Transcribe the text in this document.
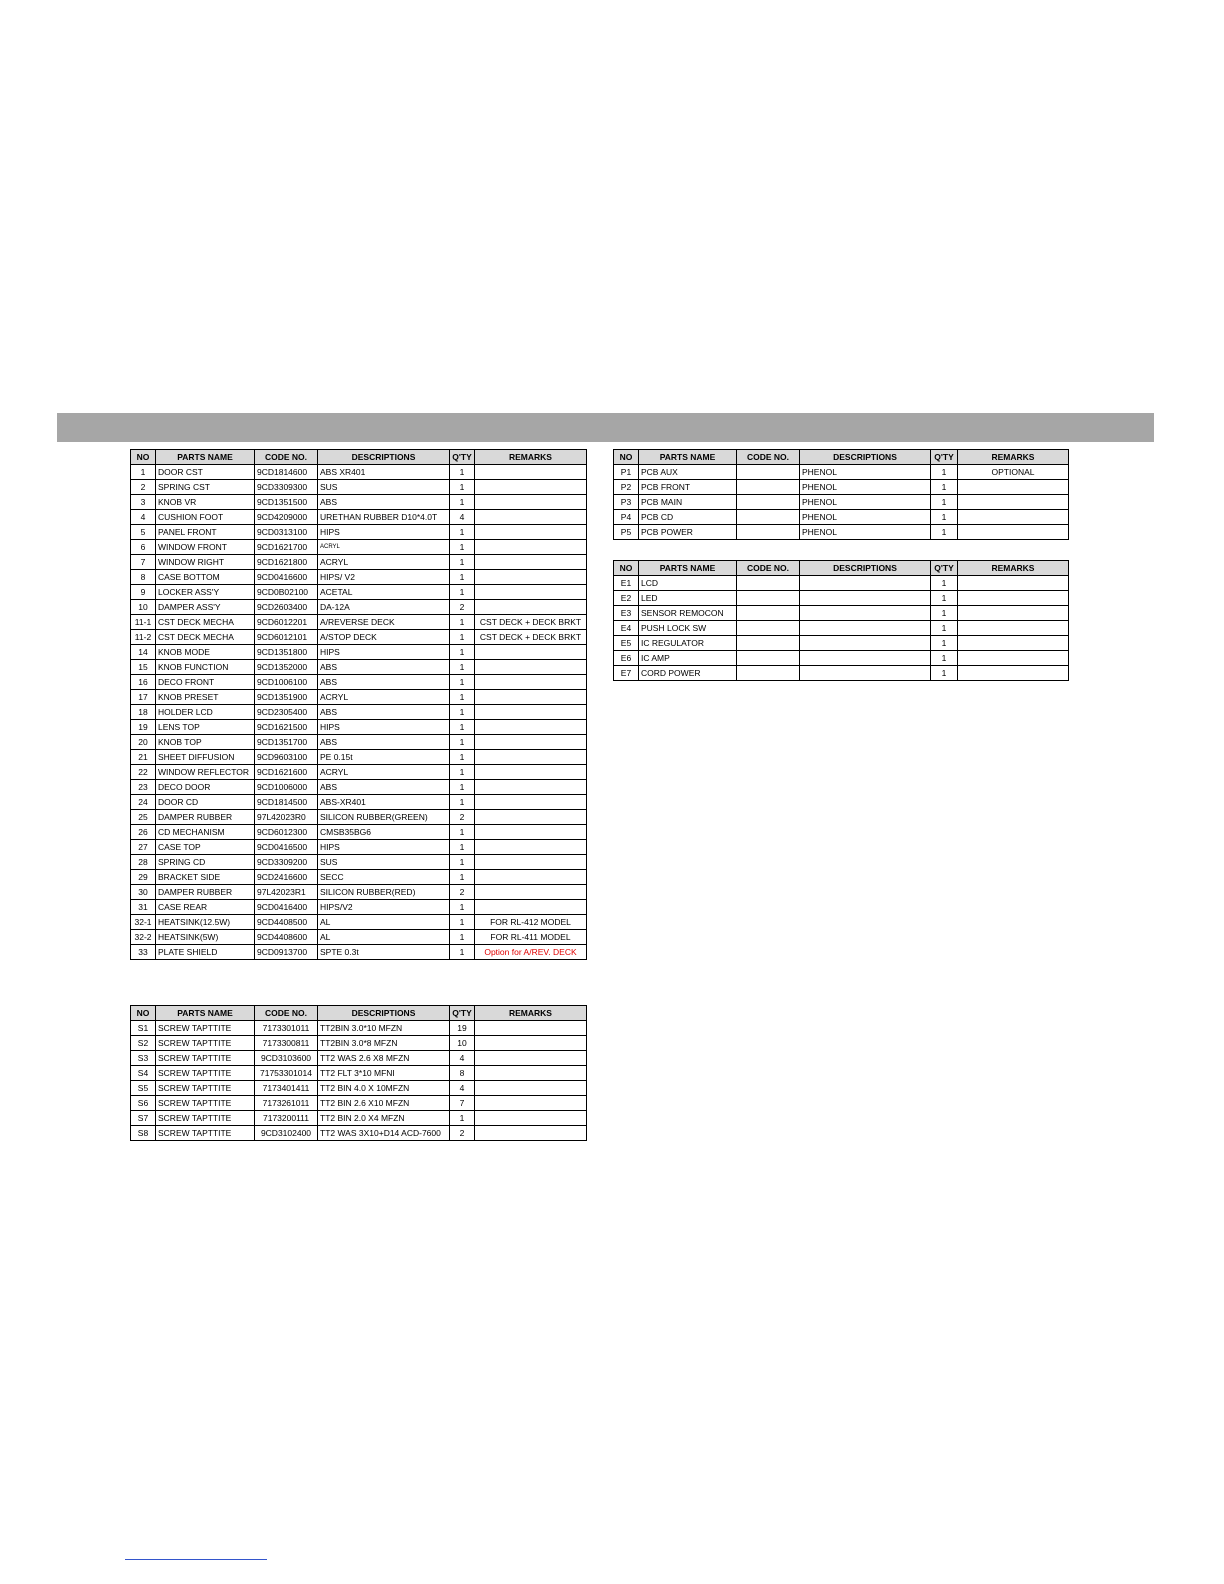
NO	PARTS NAME	CODE NO.	DESCRIPTIONS	Q'TY	REMARKS
1	DOOR CST	9CD1814600	ABS XR401	1	
2	SPRING CST	9CD3309300	SUS	1	
3	KNOB VR	9CD1351500	ABS	1	
4	CUSHION FOOT	9CD4209000	URETHAN RUBBER D10*4.0T	4	
5	PANEL FRONT	9CD0313100	HIPS	1	
6	WINDOW FRONT	9CD1621700	ACRYL	1	
7	WINDOW RIGHT	9CD1621800	ACRYL	1	
8	CASE BOTTOM	9CD0416600	HIPS/ V2	1	
9	LOCKER ASS'Y	9CD0B02100	ACETAL	1	
10	DAMPER ASS'Y	9CD2603400	DA-12A	2	
11-1	CST DECK MECHA	9CD6012201	A/REVERSE DECK	1	CST DECK + DECK BRKT
11-2	CST DECK MECHA	9CD6012101	A/STOP DECK	1	CST DECK + DECK BRKT
14	KNOB MODE	9CD1351800	HIPS	1	
15	KNOB FUNCTION	9CD1352000	ABS	1	
16	DECO FRONT	9CD1006100	ABS	1	
17	KNOB PRESET	9CD1351900	ACRYL	1	
18	HOLDER LCD	9CD2305400	ABS	1	
19	LENS TOP	9CD1621500	HIPS	1	
20	KNOB TOP	9CD1351700	ABS	1	
21	SHEET DIFFUSION	9CD9603100	PE 0.15t	1	
22	WINDOW REFLECTOR	9CD1621600	ACRYL	1	
23	DECO DOOR	9CD1006000	ABS	1	
24	DOOR CD	9CD1814500	ABS-XR401	1	
25	DAMPER RUBBER	97L42023R0	SILICON RUBBER(GREEN)	2	
26	CD MECHANISM	9CD6012300	CMSB35BG6	1	
27	CASE TOP	9CD0416500	HIPS	1	
28	SPRING CD	9CD3309200	SUS	1	
29	BRACKET SIDE	9CD2416600	SECC	1	
30	DAMPER RUBBER	97L42023R1	SILICON RUBBER(RED)	2	
31	CASE REAR	9CD0416400	HIPS/V2	1	
32-1	HEATSINK(12.5W)	9CD4408500	AL	1	FOR RL-412 MODEL
32-2	HEATSINK(5W)	9CD4408600	AL	1	FOR RL-411 MODEL
33	PLATE SHIELD	9CD0913700	SPTE 0.3t	1	Option for A/REV. DECK
NO	PARTS NAME	CODE NO.	DESCRIPTIONS	Q'TY	REMARKS
S1	SCREW TAPTTITE	7173301011	TT2BIN 3.0*10 MFZN	19	
S2	SCREW TAPTTITE	7173300811	TT2BIN 3.0*8 MFZN	10	
S3	SCREW TAPTTITE	9CD3103600	TT2 WAS 2.6 X8 MFZN	4	
S4	SCREW TAPTTITE	71753301014	TT2 FLT 3*10 MFNI	8	
S5	SCREW TAPTTITE	7173401411	TT2 BIN 4.0 X 10MFZN	4	
S6	SCREW TAPTTITE	7173261011	TT2 BIN 2.6 X10 MFZN	7	
S7	SCREW TAPTTITE	7173200111	TT2 BIN 2.0 X4 MFZN	1	
S8	SCREW TAPTTITE	9CD3102400	TT2 WAS 3X10+D14 ACD-7600	2	
NO	PARTS NAME	CODE NO.	DESCRIPTIONS	Q'TY	REMARKS
P1	PCB AUX		PHENOL	1	OPTIONAL
P2	PCB FRONT		PHENOL	1	
P3	PCB MAIN		PHENOL	1	
P4	PCB CD		PHENOL	1	
P5	PCB POWER		PHENOL	1	
NO	PARTS NAME	CODE NO.	DESCRIPTIONS	Q'TY	REMARKS
E1	LCD			1	
E2	LED			1	
E3	SENSOR REMOCON			1	
E4	PUSH LOCK SW			1	
E5	IC REGULATOR			1	
E6	IC AMP			1	
E7	CORD POWER			1	
